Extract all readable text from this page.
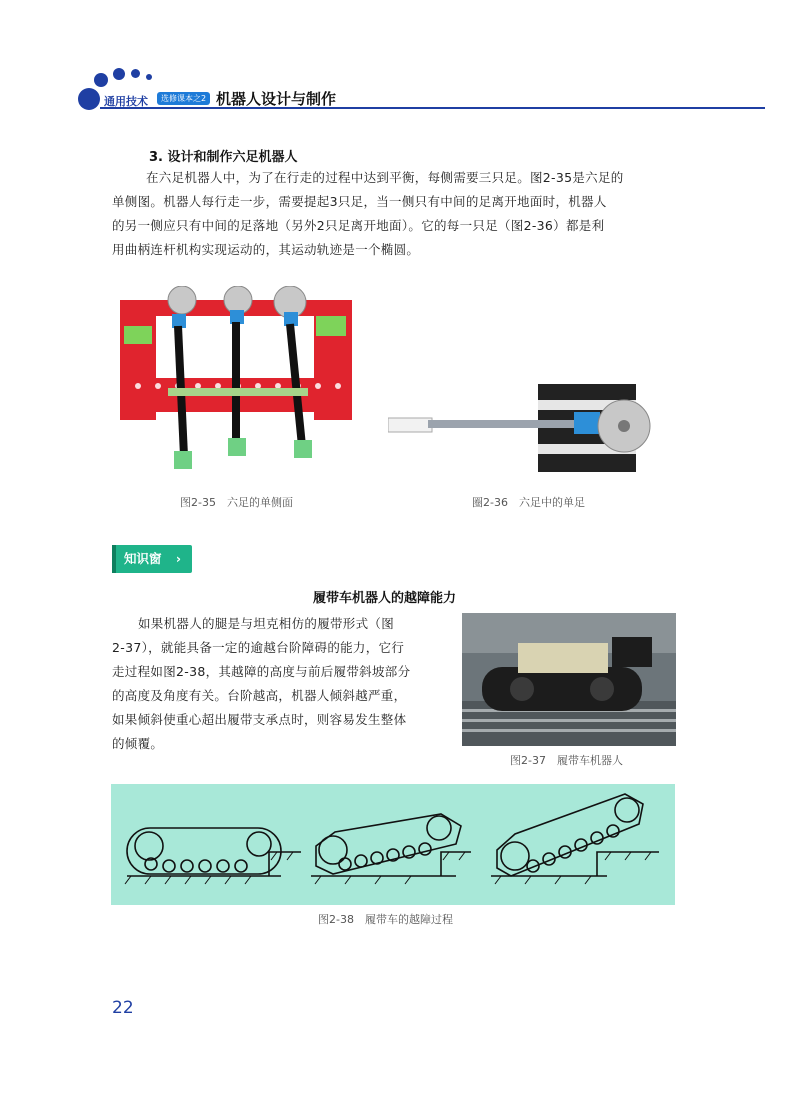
通用技术	选修课本之2 机器人设计与制作
3. 设计和制作六足机器人
在六足机器人中，为了在行走的过程中达到平衡，每侧需要三只足。图2-35是六足的
单侧图。机器人每行走一步，需要提起3只足，当一侧只有中间的足离开地面时，机器人
的另一侧应只有中间的足落地（另外2只足离开地面）。它的每一只足（图2-36）都是利
用曲柄连杆机构实现运动的，其运动轨迹是一个椭圆。
图2-35　六足的单侧面	圈2-36　六足中的单足
知识窗 ›
履带车机器人的越障能力
如果机器人的腿是与坦克相仿的履带形式（图
2-37），就能具备一定的逾越台阶障碍的能力，它行
走过程如图2-38，其越障的高度与前后履带斜坡部分
的高度及角度有关。台阶越高，机器人倾斜越严重，
如果倾斜使重心超出履带支承点时，则容易发生整体
的倾覆。
图2-37　履带车机器人
图2-38　履带车的越障过程
22
